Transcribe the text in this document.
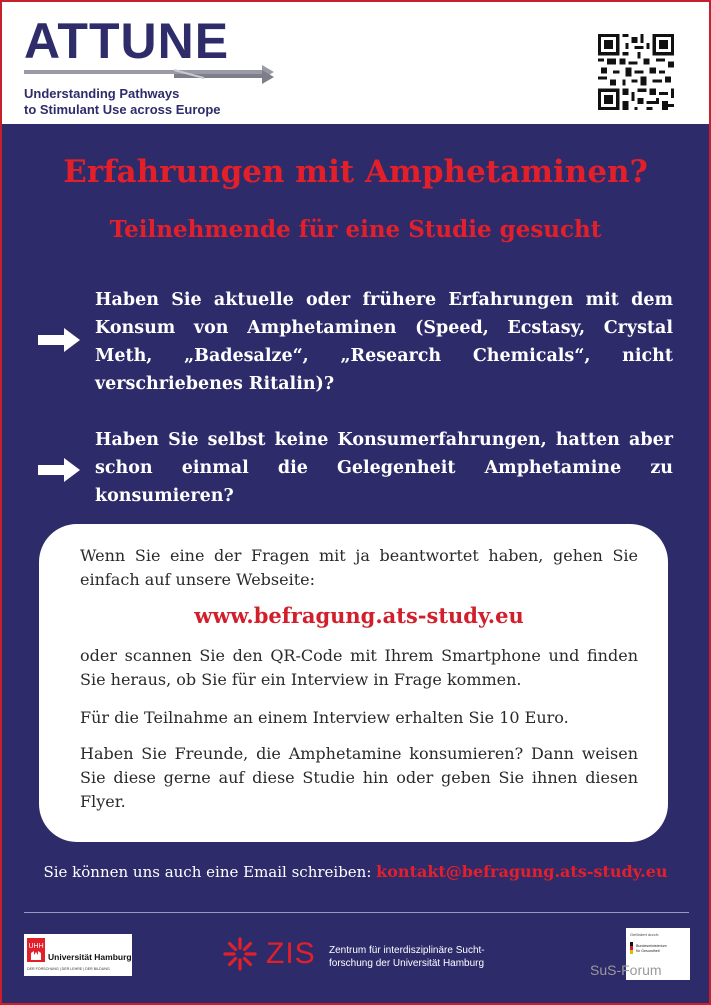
ATTUNE
Understanding Pathways
to Stimulant Use across Europe
Erfahrungen mit Amphetaminen?
Teilnehmende für eine Studie gesucht
Haben Sie aktuelle oder frühere Erfahrungen mit dem Konsum von Amphetaminen (Speed, Ecstasy, Crystal Meth, „Badesalze“, „Research Chemicals“, nicht verschriebenes Ritalin)?
Haben Sie selbst keine Konsumerfahrungen, hatten aber schon einmal die Gelegenheit Amphetamine zu konsumieren?

Wenn Sie eine der Fragen mit ja beantwortet haben, gehen Sie einfach auf unsere Webseite:

www.befragung.ats-study.eu

oder scannen Sie den QR-Code mit Ihrem Smartphone und finden Sie heraus, ob Sie für ein Interview in Frage kommen.

Für die Teilnahme an einem Interview erhalten Sie 10 Euro.

Haben Sie Freunde, die Amphetamine konsumieren? Dann weisen Sie diese gerne auf diese Studie hin oder geben Sie ihnen diesen Flyer.

Sie können uns auch eine Email schreiben: kontakt@befragung.ats-study.eu
UHH
Universität Hamburg
DER FORSCHUNG | DER LEHRE | DER BILDUNG	ZIS Zentrum für interdisziplinäre Sucht-
forschung der Universität Hamburg
Gefördert durch:
Bundesministerium
für Gesundheit
SuS-Forum
